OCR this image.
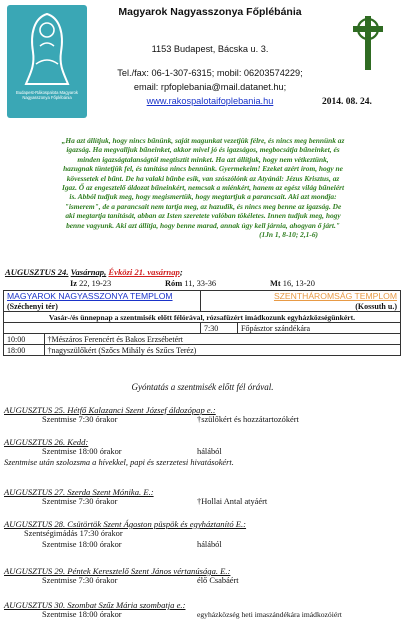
Budapest-Rákospalota Magyarok Nagyasszonya Főplébánia
Magyarok Nagyasszonya Főplébánia
1153 Budapest, Bácska u. 3.
Tel./fax: 06-1-307-6315; mobil: 06203574229;
email: rpfoplebania@mail.datanet.hu;
www.rakospalotaifoplebania.hu	2014. 08. 24.
„Ha azt állítjuk, hogy nincs bűnünk, saját magunkat vezetjük félre, és nincs meg bennünk az
igazság. Ha megvalljuk bűneinket, akkor mivel jó és igazságos, megbocsátja bűneinket, és
minden igazságtalanságtól megtisztít minket. Ha azt állítjuk, hogy nem vétkeztünk,
hazugnak tüntetjük fel, és tanítása nincs bennünk. Gyermekeim! Ezeket azért írom, hogy ne
kövessetek el bűnt. De ha valaki bűnbe esik, van szószólónk az Atyánál: Jézus Krisztus, az
Igaz. Ő az engesztelő áldozat bűneinkért, nemcsak a miénkért, hanem az egész világ bűneiért
is. Abból tudjuk meg, hogy megismertük, hogy megtartjuk a parancsait. Aki azt mondja:
"ismerem", de a parancsait nem tartja meg, az hazudik, és nincs meg benne az igazság. De
aki megtartja tanítását, abban az Isten szeretete valóban tökéletes. Innen tudjuk meg, hogy
benne vagyunk. Aki azt állítja, hogy benne marad, annak úgy kell járnia, ahogyan ő járt."
(1Jn 1, 8-10; 2,1-6)
AUGUSZTUS 24. Vasárnap, Évközi 21. vasárnap;
Iz 22, 19-23	Róm 11, 33-36	Mt 16, 13-20
MAGYAROK NAGYASSZONYA TEMPLOM		SZENTHÁROMSÁG TEMPLOM	
(Széchenyi tér)		(Kossuth u.)	
Vasár-/és ünnepnap a szentmisék előtt félórával, rózsafüzért imádkozunk egyházközségünkért.			
		7:30	Főpásztor szándékára
10:00	†Mészáros Ferencért és Bakos Erzsébetért		
18:00	†nagyszülőkért (Szőcs Mihály és Szűcs Teréz)		
Gyóntatás a szentmisék előtt fél órával.
AUGUSZTUS 25. Hétfő Kalazanci Szent József áldozópap e.:
Szentmise 7:30 órakor	†szülőkért és hozzátartozókért
AUGUSZTUS 26. Kedd:
Szentmise 18:00 órakor	hálából
Szentmise után szolozsma a hívekkel, papi és szerzetesi hivatásokért.
AUGUSZTUS 27. Szerda Szent Mónika. E.:
Szentmise 7:30 órakor	†Hollai Antal atyáért
AUGUSZTUS 28. Csütörtök Szent Ágoston püspök és egyháztanító E.:
Szentségimádás 17:30 órakor
Szentmise 18:00 órakor	hálából
AUGUSZTUS 29. Péntek Keresztelő Szent János vértanúsága. E.:
Szentmise 7:30 órakor	élő Csabáért
AUGUSZTUS 30. Szombat Szűz Mária szombatja e.:
Szentmise 18:00 órakor	egyházközség heti imaszándékára imádkozóiért
